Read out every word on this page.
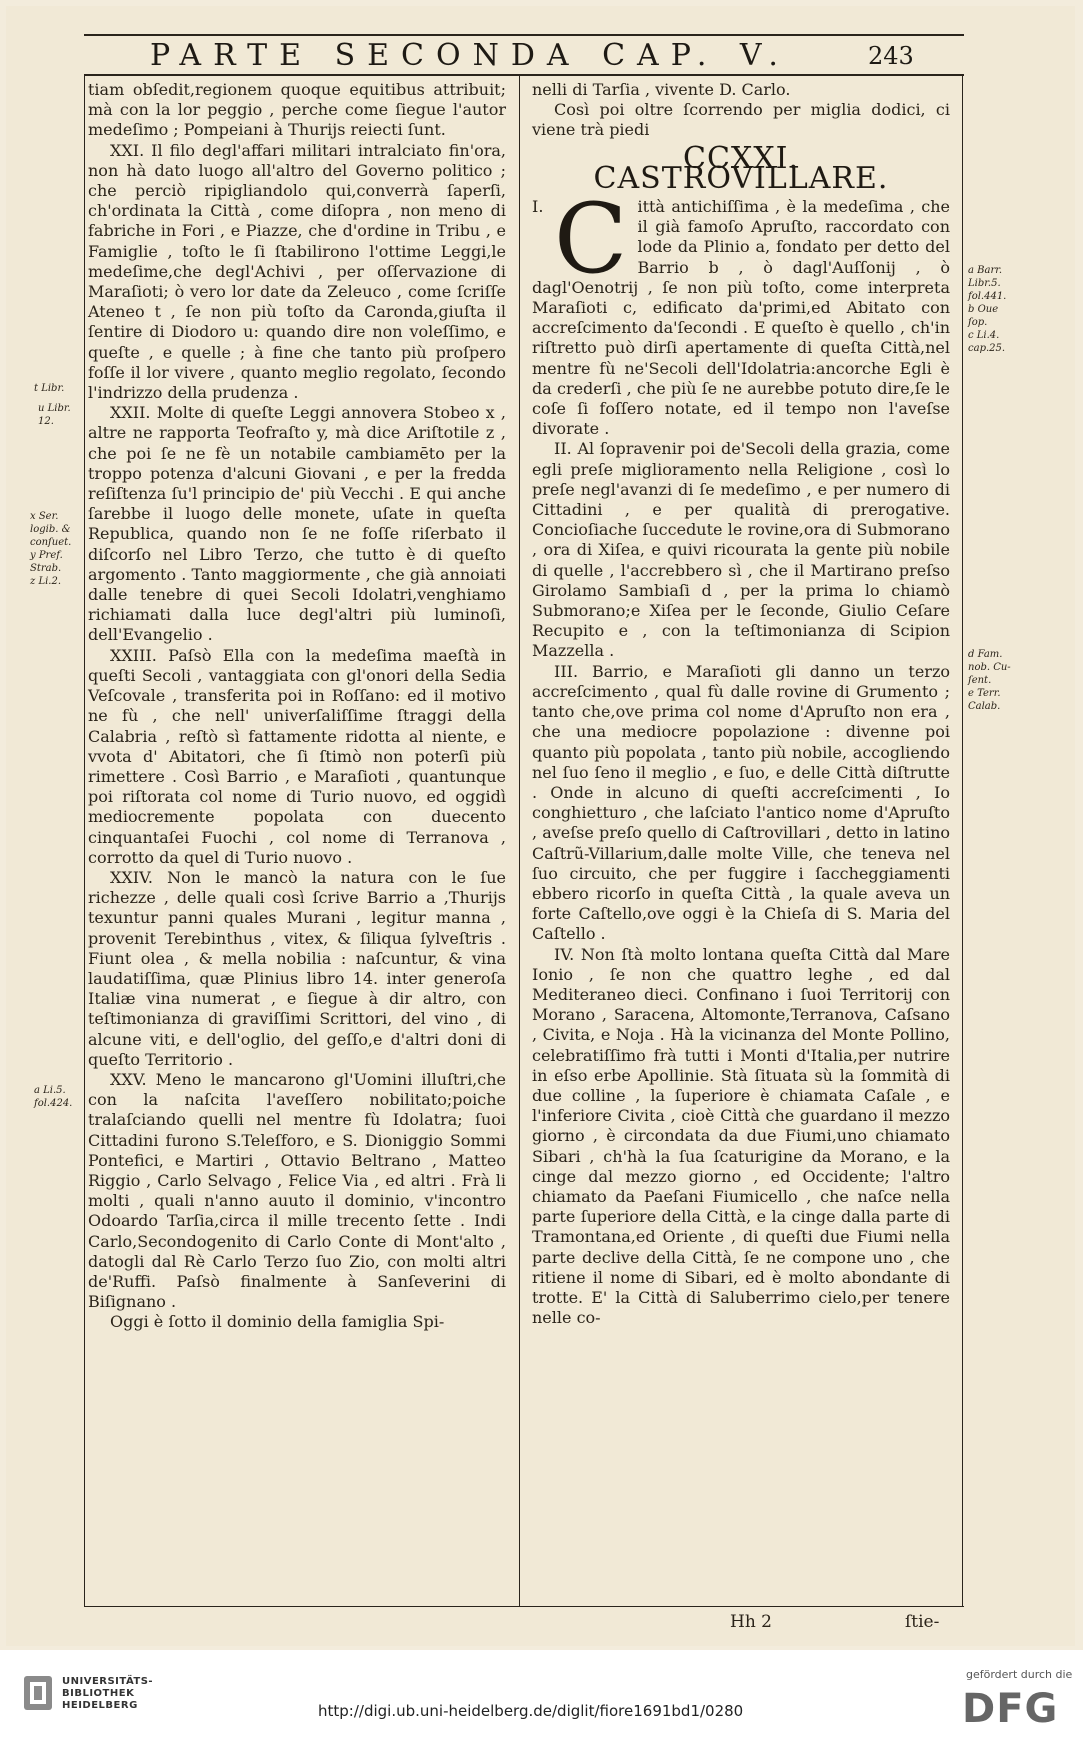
PARTE SECONDA CAP. V.	243

tiam obſedit,regionem quoque equitibus attribuit; mà con la lor peggio , perche come ſiegue l'autor medeſimo ; Pompeiani à Thurijs reiecti ſunt.

XXI. Il filo degl'affari militari intralciato fin'ora, non hà dato luogo all'altro del Governo politico ; che perciò ripigliandolo qui,converrà ſaperſi, ch'ordinata la Città , come diſopra , non meno di fabriche in Fori , e Piazze, che d'ordine in Tribu , e Famiglie , toſto le ſi ſtabilirono l'ottime Leggi,le medeſime,che degl'Achivi , per oſſervazione di Maraſioti; ò vero lor date da Zeleuco , come ſcriſſe Ateneo t , ſe non più toſto da Caronda,giuſta il ſentire di Diodoro u: quando dire non voleſſimo, e queſte , e quelle ; à fine che tanto più proſpero foſſe il lor vivere , quanto meglio regolato, ſecondo l'indrizzo della prudenza .

XXII. Molte di queſte Leggi annovera Stobeo x , altre ne rapporta Teofraſto y, mà dice Ariſtotile z , che poi ſe ne fè un notabile cambiamēto per la troppo potenza d'alcuni Giovani , e per la fredda reſiſtenza ſu'l principio de' più Vecchi . E qui anche ſarebbe il luogo delle monete, uſate in queſta Republica, quando non ſe ne foſſe riſerbato il diſcorſo nel Libro Terzo, che tutto è di queſto argomento . Tanto maggiormente , che già annoiati dalle tenebre di quei Secoli Idolatri,venghiamo richiamati dalla luce degl'altri più luminoſi, dell'Evangelio .

XXIII. Paſsò Ella con la medeſima maeſtà in queſti Secoli , vantaggiata con gl'onori della Sedia Veſcovale , transferita poi in Roſſano: ed il motivo ne fù , che nell' univerſaliſſime ſtraggi della Calabria , reſtò sì fattamente ridotta al niente, e vvota d' Abitatori, che ſi ſtimò non poterſi più rimettere . Così Barrio , e Maraſioti , quantunque poi riſtorata col nome di Turio nuovo, ed oggidì mediocremente popolata con duecento cinquantaſei Fuochi , col nome di Terranova , corrotto da quel di Turio nuovo .

XXIV. Non le mancò la natura con le ſue richezze , delle quali così ſcrive Barrio a ,Thurijs texuntur panni quales Murani , legitur manna , provenit Terebinthus , vitex, & ſiliqua ſylveſtris . Fiunt olea , & mella nobilia : naſcuntur, & vina laudatiſſima, quæ Plinius libro 14. inter generoſa Italiæ vina numerat , e ſiegue à dir altro, con teſtimonianza di graviſſimi Scrittori, del vino , di alcune viti, e dell'oglio, del geſſo,e d'altri doni di queſto Territorio .

XXV. Meno le mancarono gl'Uomini illuſtri,che con la naſcita l'aveſſero nobilitato;poiche tralaſciando quelli nel mentre fù Idolatra; ſuoi Cittadini furono S.Teleſforo, e S. Dioniggio Sommi Pontefici, e Martiri , Ottavio Beltrano , Matteo Riggio , Carlo Selvago , Felice Via , ed altri . Frà li molti , quali n'anno auuto il dominio, v'incontro Odoardo Tarſia,circa il mille trecento ſette . Indi Carlo,Secondogenito di Carlo Conte di Mont'alto , datogli dal Rè Carlo Terzo ſuo Zio, con molti altri de'Ruffi. Paſsò finalmente à Sanſeverini di Biſignano .

Oggi è ſotto il dominio della famiglia Spi-

nelli di Tarſia , vivente D. Carlo.

Così poi oltre ſcorrendo per miglia dodici, ci viene trà piedi

CCXXI. CASTROVILLARE.
I. C ittà antichiſſima , è la medeſima , che il già famoſo Apruſto, raccordato con lode da Plinio a, fondato per detto del Barrio b , ò dagl'Auſſonij , ò dagl'Oenotrij , ſe non più toſto, come interpreta Maraſioti c, edificato da'primi,ed Abitato con accreſcimento da'ſecondi . E queſto è quello , ch'in riſtretto può dirſi apertamente di queſta Città,nel mentre fù ne'Secoli dell'Idolatria:ancorche Egli è da crederſi , che più ſe ne aurebbe potuto dire,ſe le coſe ſi foſſero notate, ed il tempo non l'aveſse divorate .

II. Al ſopravenir poi de'Secoli della grazia, come egli preſe miglioramento nella Religione , così lo preſe negl'avanzi di ſe medeſimo , e per numero di Cittadini , e per qualità di prerogative. Concioſiache ſuccedute le rovine,ora di Submorano , ora di Xiſea, e quivi ricourata la gente più nobile di quelle , l'accrebbero sì , che il Martirano preſso Girolamo Sambiaſi d , per la prima lo chiamò Submorano;e Xiſea per le ſeconde, Giulio Ceſare Recupito e , con la teſtimonianza di Scipion Mazzella .

III. Barrio, e Maraſioti gli danno un terzo accreſcimento , qual fù dalle rovine di Grumento ; tanto che,ove prima col nome d'Apruſto non era , che una mediocre popolazione : divenne poi quanto più popolata , tanto più nobile, accogliendo nel ſuo ſeno il meglio , e ſuo, e delle Città diſtrutte . Onde in alcuno di queſti accreſcimenti , Io conghietturo , che laſciato l'antico nome d'Apruſto , aveſse preſo quello di Caſtrovillari , detto in latino Caſtrũ-Villarium,dalle molte Ville, che teneva nel ſuo circuito, che per fuggire i ſaccheggiamenti ebbero ricorſo in queſta Città , la quale aveva un forte Caſtello,ove oggi è la Chieſa di S. Maria del Caſtello .

IV. Non ſtà molto lontana queſta Città dal Mare Ionio , ſe non che quattro leghe , ed dal Mediteraneo dieci. Confinano i ſuoi Territorij con Morano , Saracena, Altomonte,Terranova, Caſsano , Civita, e Noja . Hà la vicinanza del Monte Pollino, celebratiſſimo frà tutti i Monti d'Italia,per nutrire in eſso erbe Apollinie. Stà ſituata sù la ſommità di due colline , la ſuperiore è chiamata Caſale , e l'inferiore Civita , cioè Città che guardano il mezzo giorno , è circondata da due Fiumi,uno chiamato Sibari , ch'hà la ſua ſcaturigine da Morano, e la cinge dal mezzo giorno , ed Occidente; l'altro chiamato da Paeſani Fiumicello , che naſce nella parte ſuperiore della Città, e la cinge dalla parte di Tramontana,ed Oriente , di queſti due Fiumi nella parte declive della Città, ſe ne compone uno , che ritiene il nome di Sibari, ed è molto abondante di trotte. E' la Città di Saluberrimo cielo,per tenere nelle co-

t Libr.
u Libr.
12.
x Ser.
logib. &
conſuet.
y Pref.
Strab.
z Li.2.
a Li.5.
fol.424.
a Barr.
Libr.5.
fol.441.
b Oue
ſop.
c Li.4.
cap.25.
d Fam.
nob. Cu-
ſent.
e Terr.
Calab.
Hh 2	ſtie-
UNIVERSITÄTS-
BIBLIOTHEK
HEIDELBERG	http://digi.ub.uni-heidelberg.de/diglit/fiore1691bd1/0280
gefördert durch die
DFG
